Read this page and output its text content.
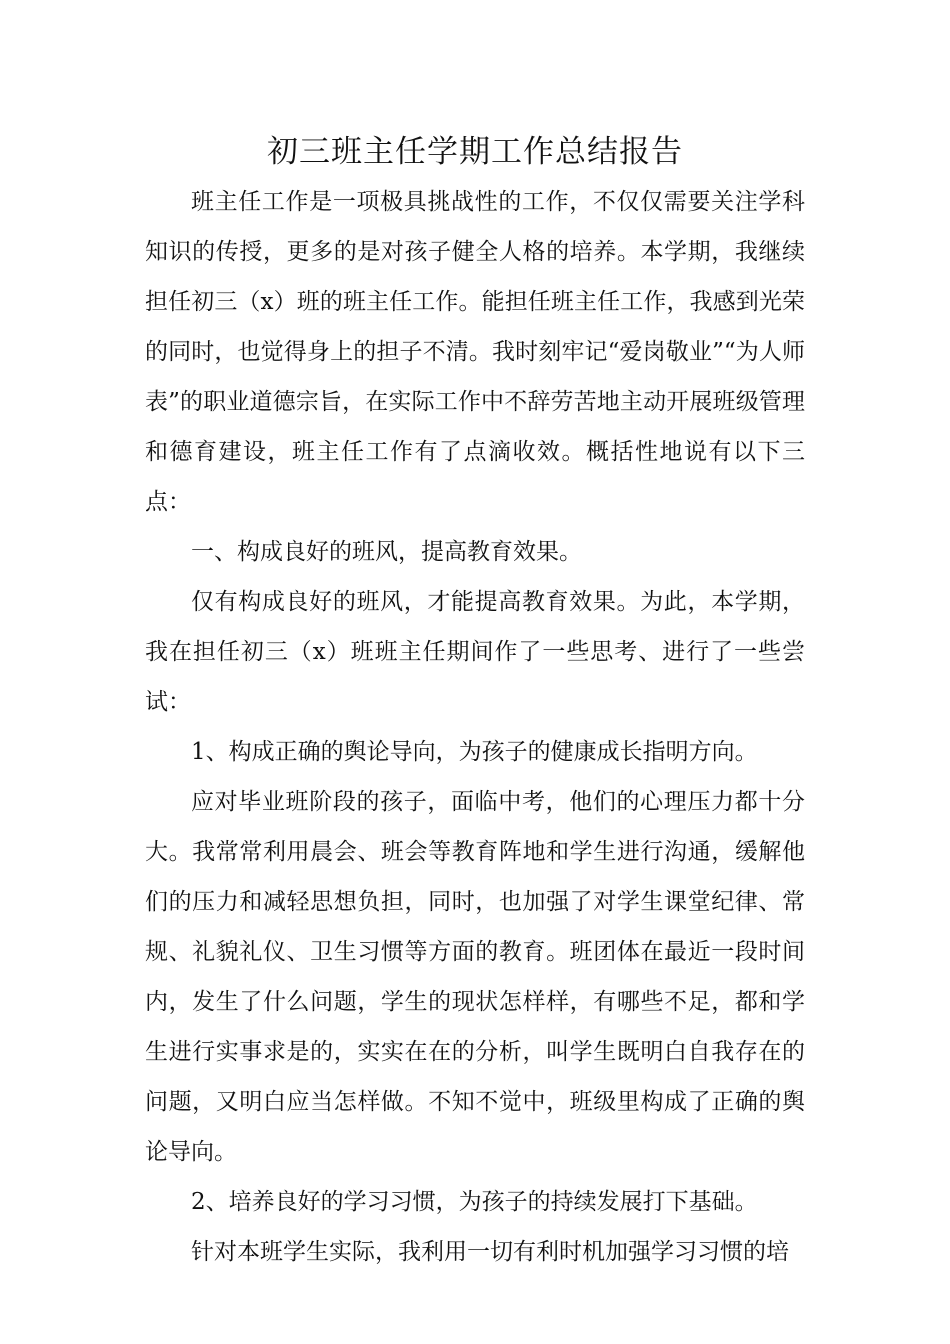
初三班主任学期工作总结报告

班主任工作是一项极具挑战性的工作，不仅仅需要关注学科知识的传授，更多的是对孩子健全人格的培养。本学期，我继续担任初三（x）班的班主任工作。能担任班主任工作，我感到光荣的同时，也觉得身上的担子不清。我时刻牢记“爱岗敬业”“为人师表”的职业道德宗旨，在实际工作中不辞劳苦地主动开展班级管理和德育建设，班主任工作有了点滴收效。概括性地说有以下三点：

一、构成良好的班风，提高教育效果。

仅有构成良好的班风，才能提高教育效果。为此，本学期，我在担任初三（x）班班主任期间作了一些思考、进行了一些尝试：

1、构成正确的舆论导向，为孩子的健康成长指明方向。

应对毕业班阶段的孩子，面临中考，他们的心理压力都十分大。我常常利用晨会、班会等教育阵地和学生进行沟通，缓解他们的压力和减轻思想负担，同时，也加强了对学生课堂纪律、常规、礼貌礼仪、卫生习惯等方面的教育。班团体在最近一段时间内，发生了什么问题，学生的现状怎样样，有哪些不足，都和学生进行实事求是的，实实在在的分析，叫学生既明白自我存在的问题，又明白应当怎样做。不知不觉中，班级里构成了正确的舆论导向。

2、培养良好的学习习惯，为孩子的持续发展打下基础。

针对本班学生实际，我利用一切有利时机加强学习习惯的培
